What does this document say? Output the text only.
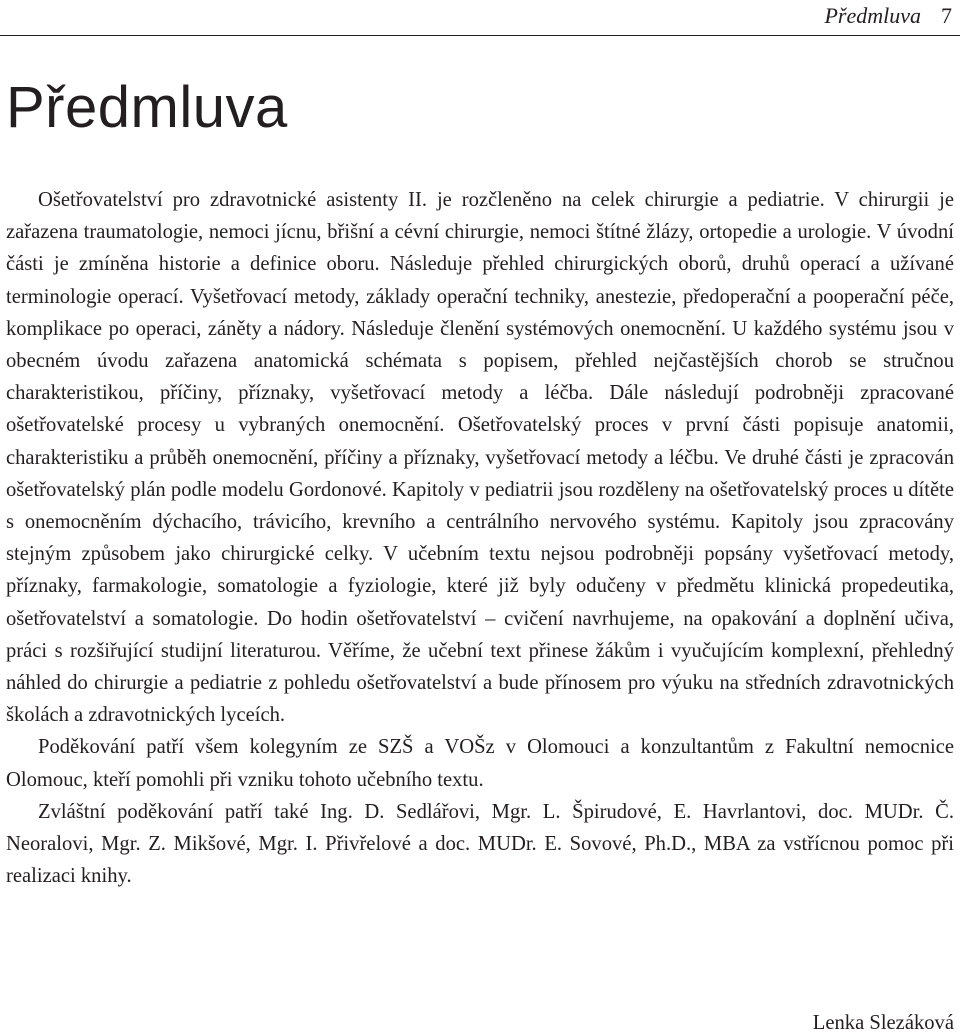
Předmluva 7
Předmluva

Ošetřovatelství pro zdravotnické asistenty II. je rozčleněno na celek chirurgie a pediatrie. V chirurgii je zařazena traumatologie, nemoci jícnu, břišní a cévní chirurgie, nemoci štítné žlázy, ortopedie a urologie. V úvodní části je zmíněna historie a definice oboru. Následuje přehled chirurgických oborů, druhů operací a užívané terminologie operací. Vyšetřovací metody, základy operační techniky, anestezie, předoperační a pooperační péče, komplikace po operaci, záněty a nádory. Následuje členění systémových onemocnění. U každého systému jsou v obecném úvodu zařazena anatomická schémata s popisem, přehled nejčastějších chorob se stručnou charakteristikou, příčiny, příznaky, vyšetřovací metody a léčba. Dále následují podrobněji zpracované ošetřovatelské procesy u vybraných onemocnění. Ošetřovatelský proces v první části popisuje anatomii, charakteristiku a průběh onemocnění, příčiny a příznaky, vyšetřovací metody a léčbu. Ve druhé části je zpracován ošetřovatelský plán podle modelu Gordonové. Kapitoly v pediatrii jsou rozděleny na ošetřovatelský proces u dítěte s onemocněním dýchacího, trávicího, krevního a centrálního nervového systému. Kapitoly jsou zpracovány stejným způsobem jako chirurgické celky. V učebním textu nejsou podrobněji popsány vyšetřovací metody, příznaky, farmakologie, somatologie a fyziologie, které již byly odučeny v předmětu klinická propedeutika, ošetřovatelství a somatologie. Do hodin ošetřovatelství – cvičení navrhujeme, na opakování a doplnění učiva, práci s rozšiřující studijní literaturou. Věříme, že učební text přinese žákům i vyučujícím komplexní, přehledný náhled do chirurgie a pediatrie z pohledu ošetřovatelství a bude přínosem pro výuku na středních zdravotnických školách a zdravotnických lyceích.

Poděkování patří všem kolegyním ze SZŠ a VOŠz v Olomouci a konzultantům z Fakultní nemocnice Olomouc, kteří pomohli při vzniku tohoto učebního textu.

Zvláštní poděkování patří také Ing. D. Sedlářovi, Mgr. L. Špirudové, E. Havrlantovi, doc. MUDr. Č. Neoralovi, Mgr. Z. Mikšové, Mgr. I. Přivřelové a doc. MUDr. E. Sovové, Ph.D., MBA za vstřícnou pomoc při realizaci knihy.

Lenka Slezáková
